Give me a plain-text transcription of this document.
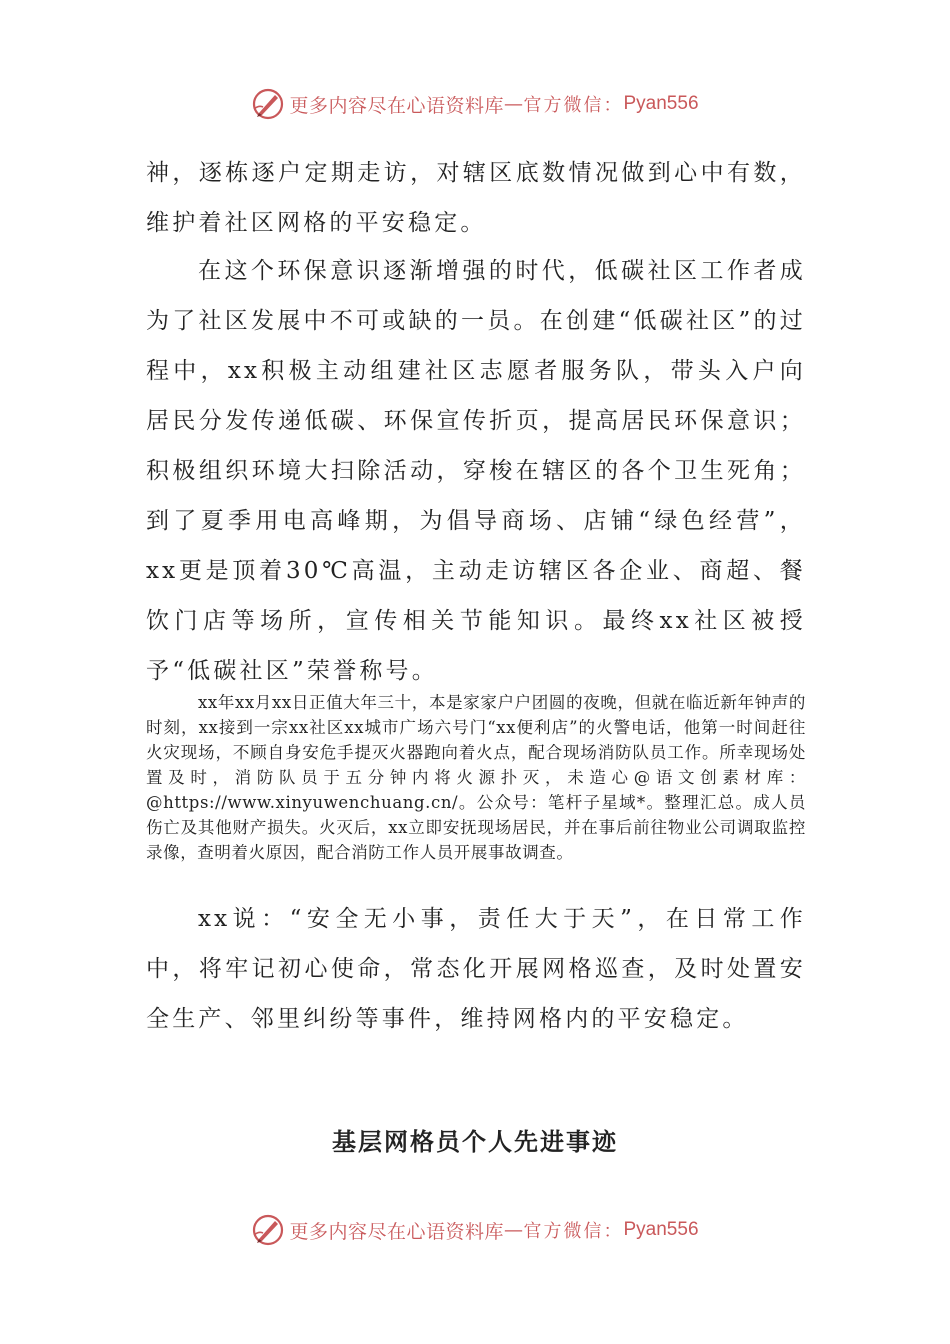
更多内容尽在心语资料库 — 官方微信： Pyan556

神，逐栋逐户定期走访，对辖区底数情况做到心中有数，维护着社区网格的平安稳定。

在这个环保意识逐渐增强的时代，低碳社区工作者成为了社区发展中不可或缺的一员。在创建“低碳社区”的过程中，xx积极主动组建社区志愿者服务队，带头入户向居民分发传递低碳、环保宣传折页，提高居民环保意识；积极组织环境大扫除活动，穿梭在辖区的各个卫生死角；到了夏季用电高峰期，为倡导商场、店铺“绿色经营”，xx更是顶着30℃高温，主动走访辖区各企业、商超、餐饮门店等场所，宣传相关节能知识。最终xx社区被授予“低碳社区”荣誉称号。

xx年xx月xx日正值大年三十，本是家家户户团圆的夜晚，但就在临近新年钟声的时刻，xx接到一宗xx社区xx城市广场六号门“xx便利店”的火警电话，他第一时间赶往火灾现场，不顾自身安危手提灭火器跑向着火点，配合现场消防队员工作。所幸现场处置及时，消防队员于五分钟内将火源扑灭，未造心@语文创素材库：@https://www.xinyuwenchuang.cn/。公众号：笔杆子星域*。整理汇总。成人员伤亡及其他财产损失。火灭后，xx立即安抚现场居民，并在事后前往物业公司调取监控录像，查明着火原因，配合消防工作人员开展事故调查。

xx说：“安全无小事，责任大于天”，在日常工作中，将牢记初心使命，常态化开展网格巡查，及时处置安全生产、邻里纠纷等事件，维持网格内的平安稳定。

基层网格员个人先进事迹
更多内容尽在心语资料库 — 官方微信： Pyan556
